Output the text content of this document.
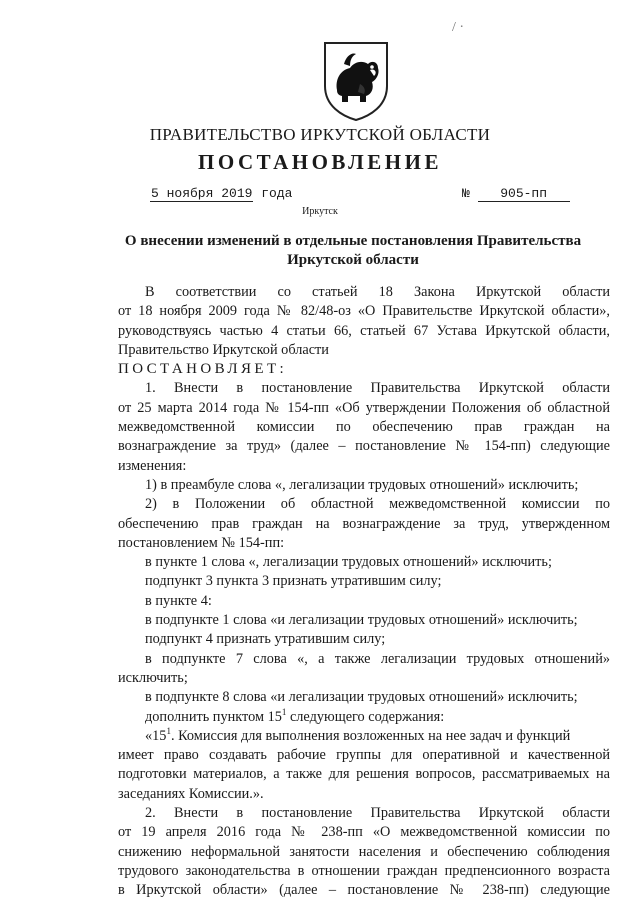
/ ·
ПРАВИТЕЛЬСТВО ИРКУТСКОЙ ОБЛАСТИ
ПОСТАНОВЛЕНИЕ
5 ноября 2019 года	№ 905-пп
Иркутск
О внесении изменений в отдельные постановления Правительства
Иркутской области
В соответствии со статьей 18 Закона Иркутской области
от 18 ноября 2009 года № 82/48-оз «О Правительстве Иркутской области»,
руководствуясь частью 4 статьи 66, статьей 67 Устава Иркутской области,
Правительство Иркутской области
ПОСТАНОВЛЯЕТ:
1. Внести в постановление Правительства Иркутской области
от 25 марта 2014 года № 154-пп «Об утверждении Положения об областной
межведомственной комиссии по обеспечению прав граждан на
вознаграждение за труд» (далее – постановление № 154-пп) следующие
изменения:
1) в преамбуле слова «, легализации трудовых отношений» исключить;
2) в Положении об областной межведомственной комиссии по
обеспечению прав граждан на вознаграждение за труд, утвержденном
постановлением № 154-пп:
в пункте 1 слова «, легализации трудовых отношений» исключить;
подпункт 3 пункта 3 признать утратившим силу;
в пункте 4:
в подпункте 1 слова «и легализации трудовых отношений» исключить;
подпункт 4 признать утратившим силу;
в подпункте 7 слова «, а также легализации трудовых отношений»
исключить;
в подпункте 8 слова «и легализации трудовых отношений» исключить;
дополнить пунктом $15^1$ следующего содержания:
«$15^1$. Комиссия для выполнения возложенных на нее задач и функций
имеет право создавать рабочие группы для оперативной и качественной
подготовки материалов, а также для решения вопросов, рассматриваемых на
заседаниях Комиссии.».
2. Внести в постановление Правительства Иркутской области
от 19 апреля 2016 года № 238-пп «О межведомственной комиссии по
снижению неформальной занятости населения и обеспечению соблюдения
трудового законодательства в отношении граждан предпенсионного возраста
в Иркутской области» (далее – постановление № 238-пп) следующие
